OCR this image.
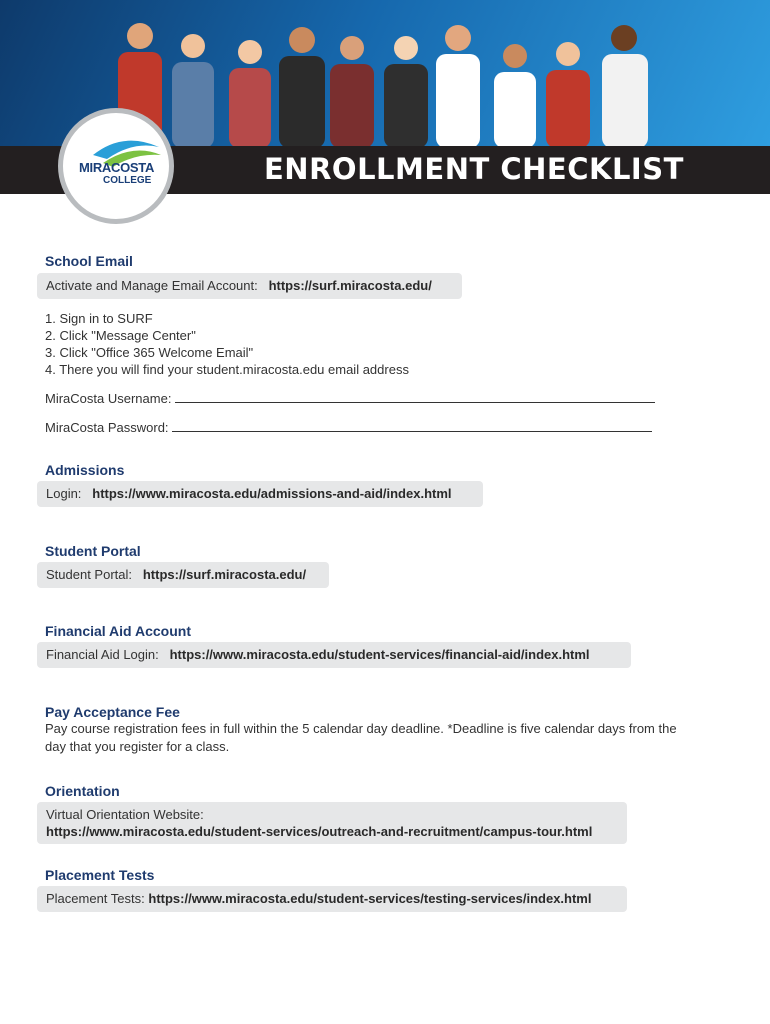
ENROLLMENT CHECKLIST
MIRACOSTA
COLLEGE
School Email
Activate and Manage Email Account: https://surf.miracosta.edu/
1. Sign in to SURF
2. Click "Message Center"
3. Click "Office 365 Welcome Email"
4. There you will find your student.miracosta.edu email address
MiraCosta Username:
MiraCosta Password:
Admissions
Login: https://www.miracosta.edu/admissions-and-aid/index.html
Student Portal
Student Portal: https://surf.miracosta.edu/
Financial Aid Account
Financial Aid Login: https://www.miracosta.edu/student-services/financial-aid/index.html
Pay Acceptance Fee
Pay course registration fees in full within the 5 calendar day deadline. *Deadline is five calendar days from the
day that you register for a class.
Orientation
Virtual Orientation Website:
https://www.miracosta.edu/student-services/outreach-and-recruitment/campus-tour.html
Placement Tests
Placement Tests: https://www.miracosta.edu/student-services/testing-services/index.html
